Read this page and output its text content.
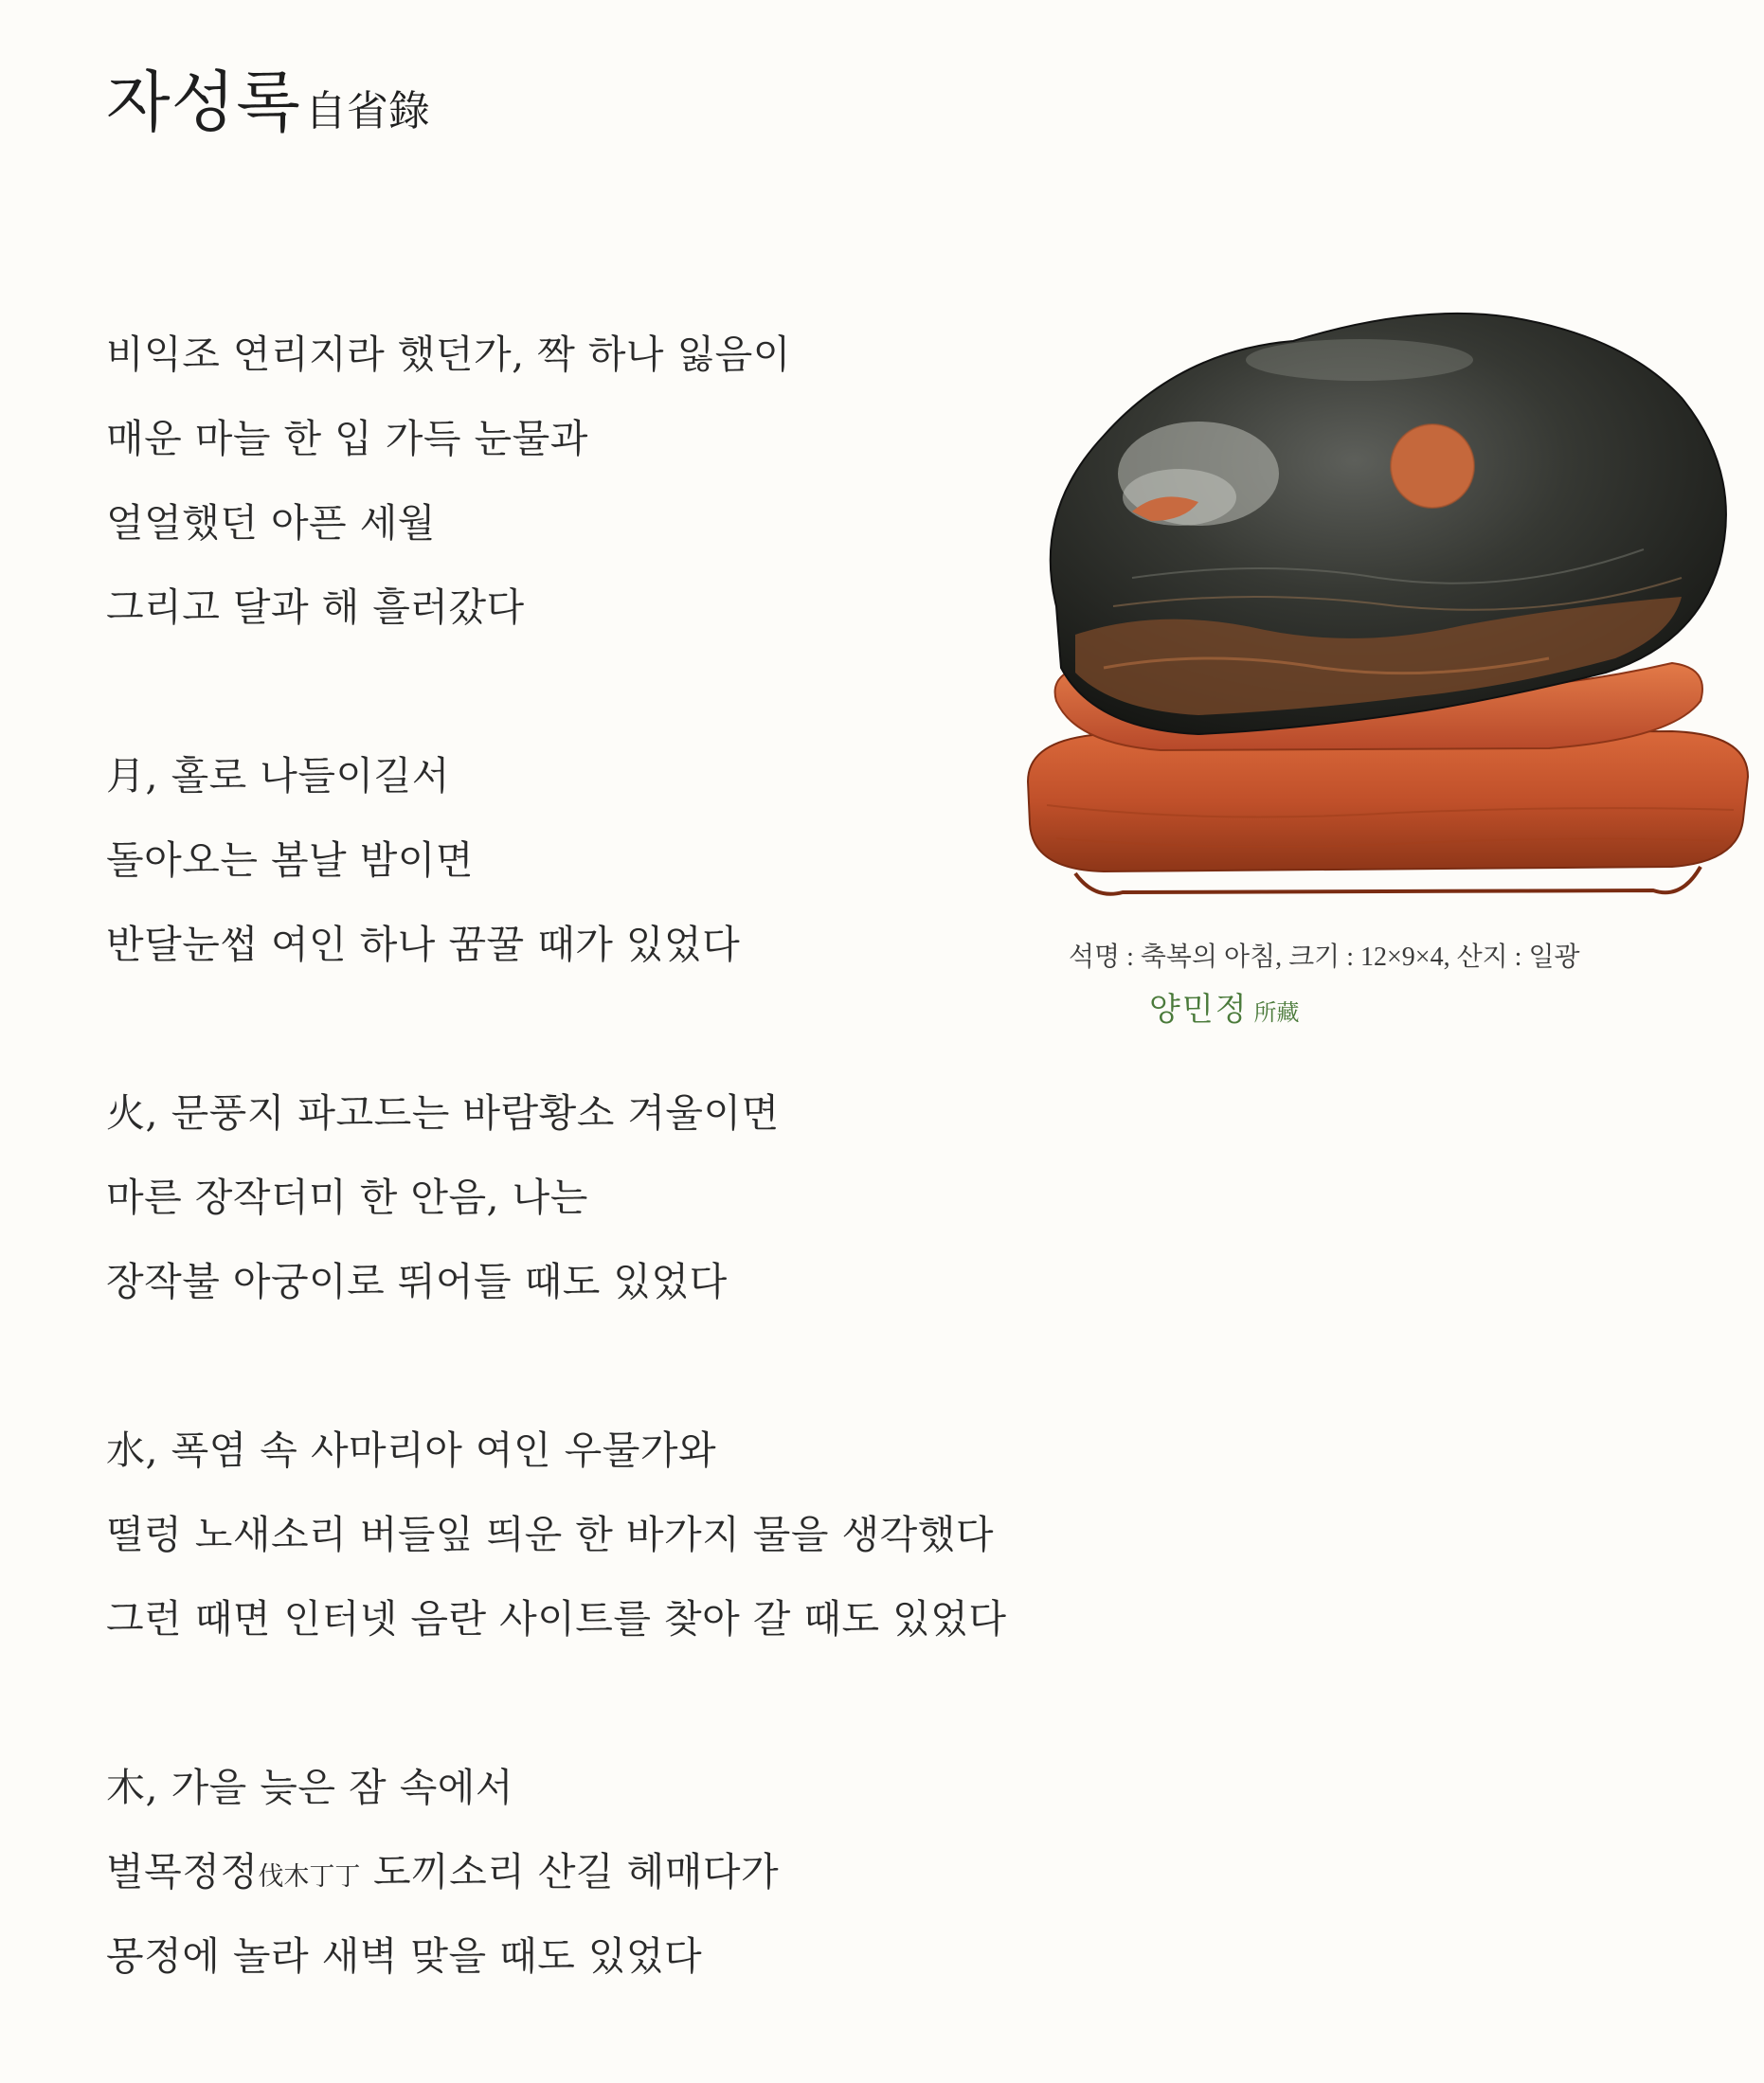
자성록自省錄
비익조 연리지라 했던가, 짝 하나 잃음이
매운 마늘 한 입 가득 눈물과
얼얼했던 아픈 세월
그리고 달과 해 흘러갔다
月, 홀로 나들이길서
돌아오는 봄날 밤이면
반달눈썹 여인 하나 꿈꿀 때가 있었다
火, 문풍지 파고드는 바람황소 겨울이면
마른 장작더미 한 안음, 나는
장작불 아궁이로 뛰어들 때도 있었다
水, 폭염 속 사마리아 여인 우물가와
떨렁 노새소리 버들잎 띄운 한 바가지 물을 생각했다
그런 때면 인터넷 음란 사이트를 찾아 갈 때도 있었다
木, 가을 늦은 잠 속에서
벌목정정伐木丁丁 도끼소리 산길 헤매다가
몽정에 놀라 새벽 맞을 때도 있었다
석명 : 축복의 아침, 크기 : 12×9×4, 산지 : 일광
양민정 所藏
